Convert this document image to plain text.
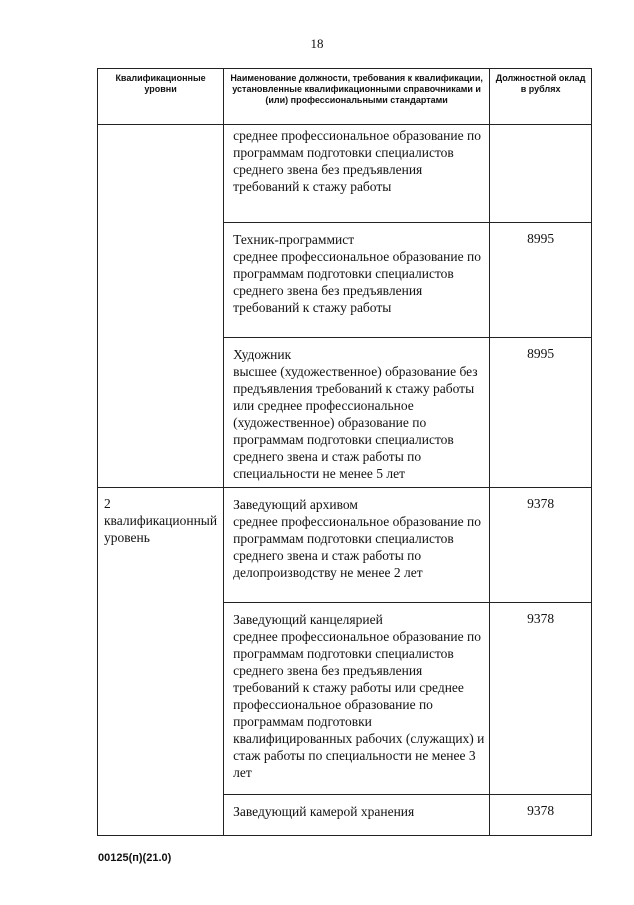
18
Квалификационные уровни	Наименование должности, требования к квалификации, установленные квалификационными справочниками и (или) профессиональными стандартами	Должностной оклад в рублях

	среднее профессиональное образование по программам подготовки специалистов среднего звена без предъявления требований к стажу работы	

	Техник-программист
среднее профессиональное образование по программам подготовки специалистов среднего звена без предъявления требований к стажу работы	8995

	Художник
высшее (художественное) образование без предъявления требований к стажу работы или среднее профессиональное (художественное) образование по программам подготовки специалистов среднего звена и стаж работы по специальности не менее 5 лет	8995
2 квалификационный уровень	Заведующий архивом
среднее профессиональное образование по программам подготовки специалистов среднего звена и стаж работы по делопроизводству не менее 2 лет	9378

	Заведующий канцелярией
среднее профессиональное образование по программам подготовки специалистов среднего звена без предъявления требований к стажу работы или среднее профессиональное образование по программам подготовки квалифицированных рабочих (служащих) и стаж работы по специальности не менее 3 лет	9378

	Заведующий камерой хранения	9378
00125(п)(21.0)
